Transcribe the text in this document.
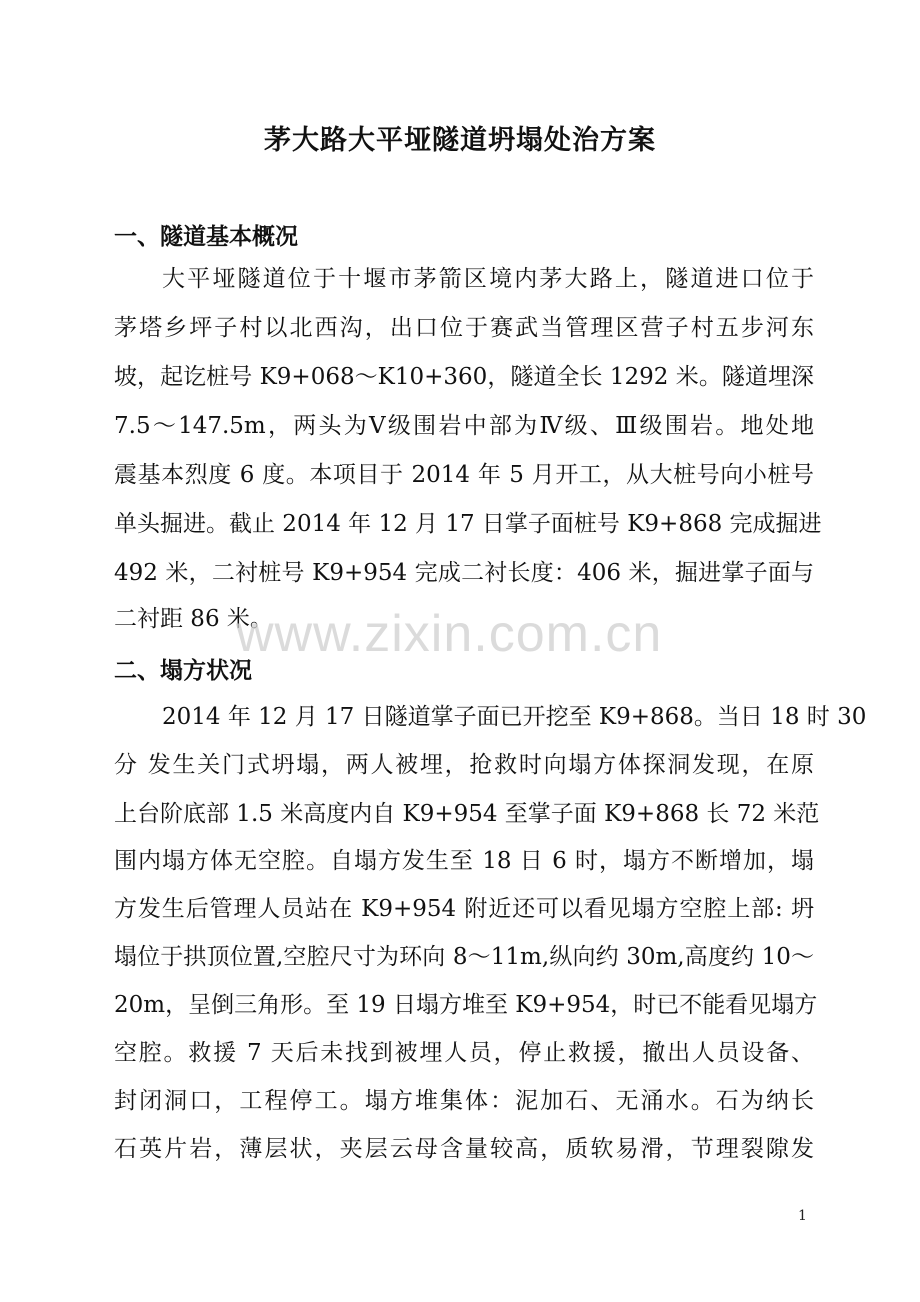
茅大路大平垭隧道坍塌处治方案
一、隧道基本概况

大平垭隧道位于十堰市茅箭区境内茅大路上，隧道进口位于

茅塔乡坪子村以北西沟，出口位于赛武当管理区营子村五步河东

坡，起讫桩号 K9+068～K10+360，隧道全长 1292 米。隧道埋深

7.5～147.5m，两头为Ⅴ级围岩中部为Ⅳ级、Ⅲ级围岩。地处地

震基本烈度 6 度。本项目于 2014 年 5 月开工，从大桩号向小桩号

单头掘进。截止 2014 年 12 月 17 日掌子面桩号 K9+868 完成掘进

492 米，二衬桩号 K9+954 完成二衬长度：406 米，掘进掌子面与

二衬距 86 米。

二、塌方状况

2014 年 12 月 17 日隧道掌子面已开挖至 K9+868。当日 18 时 30

分 发生关门式坍塌，两人被埋，抢救时向塌方体探洞发现，在原

上台阶底部 1.5 米高度内自 K9+954 至掌子面 K9+868 长 72 米范

围内塌方体无空腔。自塌方发生至 18 日 6 时，塌方不断增加，塌

方发生后管理人员站在 K9+954 附近还可以看见塌方空腔上部: 坍

塌位于拱顶位置,空腔尺寸为环向 8～11m,纵向约 30m,高度约 10～

20m，呈倒三角形。至 19 日塌方堆至 K9+954，时已不能看见塌方

空腔。救援 7 天后未找到被埋人员，停止救援，撤出人员设备、

封闭洞口，工程停工。塌方堆集体：泥加石、无涌水。石为纳长

石英片岩，薄层状，夹层云母含量较高，质软易滑，节理裂隙发

www.zixin.com.cn
1
